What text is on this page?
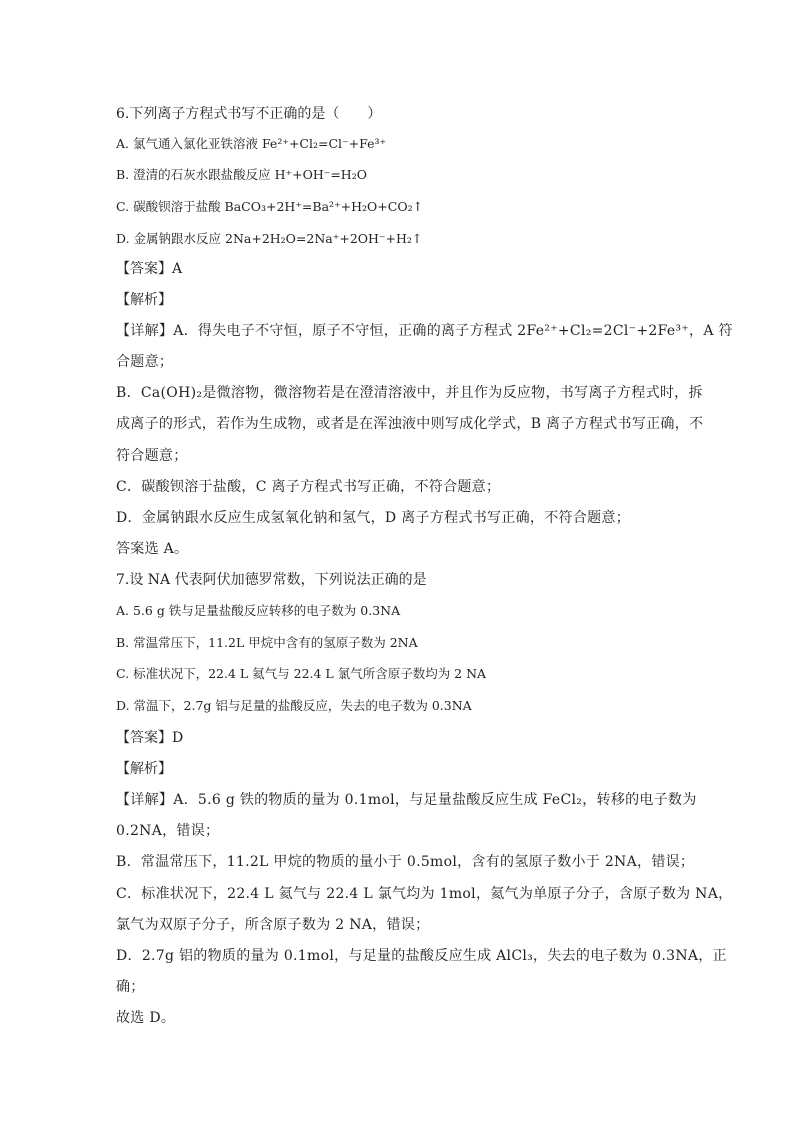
6.下列离子方程式书写不正确的是（　　）
A. 氯气通入氯化亚铁溶液 Fe²⁺+Cl₂=Cl⁻+Fe³⁺
B. 澄清的石灰水跟盐酸反应 H⁺+OH⁻=H₂O
C. 碳酸钡溶于盐酸 BaCO₃+2H⁺=Ba²⁺+H₂O+CO₂↑
D. 金属钠跟水反应 2Na+2H₂O=2Na⁺+2OH⁻+H₂↑
【答案】A
【解析】
【详解】A．得失电子不守恒，原子不守恒，正确的离子方程式 2Fe²⁺+Cl₂=2Cl⁻+2Fe³⁺，A 符
合题意；
B．Ca(OH)₂是微溶物，微溶物若是在澄清溶液中，并且作为反应物，书写离子方程式时，拆
成离子的形式，若作为生成物，或者是在浑浊液中则写成化学式，B 离子方程式书写正确，不
符合题意；
C．碳酸钡溶于盐酸，C 离子方程式书写正确，不符合题意；
D．金属钠跟水反应生成氢氧化钠和氢气，D 离子方程式书写正确，不符合题意；
答案选 A。
7.设 NA 代表阿伏加德罗常数，下列说法正确的是
A. 5.6 g 铁与足量盐酸反应转移的电子数为 0.3NA
B. 常温常压下，11.2L 甲烷中含有的氢原子数为 2NA
C. 标准状况下，22.4 L 氦气与 22.4 L 氯气所含原子数均为 2 NA
D. 常温下，2.7g 铝与足量的盐酸反应，失去的电子数为 0.3NA
【答案】D
【解析】
【详解】A．5.6 g 铁的物质的量为 0.1mol，与足量盐酸反应生成 FeCl₂，转移的电子数为
0.2NA，错误；
B．常温常压下，11.2L 甲烷的物质的量小于 0.5mol，含有的氢原子数小于 2NA，错误；
C．标准状况下，22.4 L 氦气与 22.4 L 氯气均为 1mol，氦气为单原子分子，含原子数为 NA，
氯气为双原子分子，所含原子数为 2 NA，错误；
D．2.7g 铝的物质的量为 0.1mol，与足量的盐酸反应生成 AlCl₃，失去的电子数为 0.3NA，正
确；
故选 D。
